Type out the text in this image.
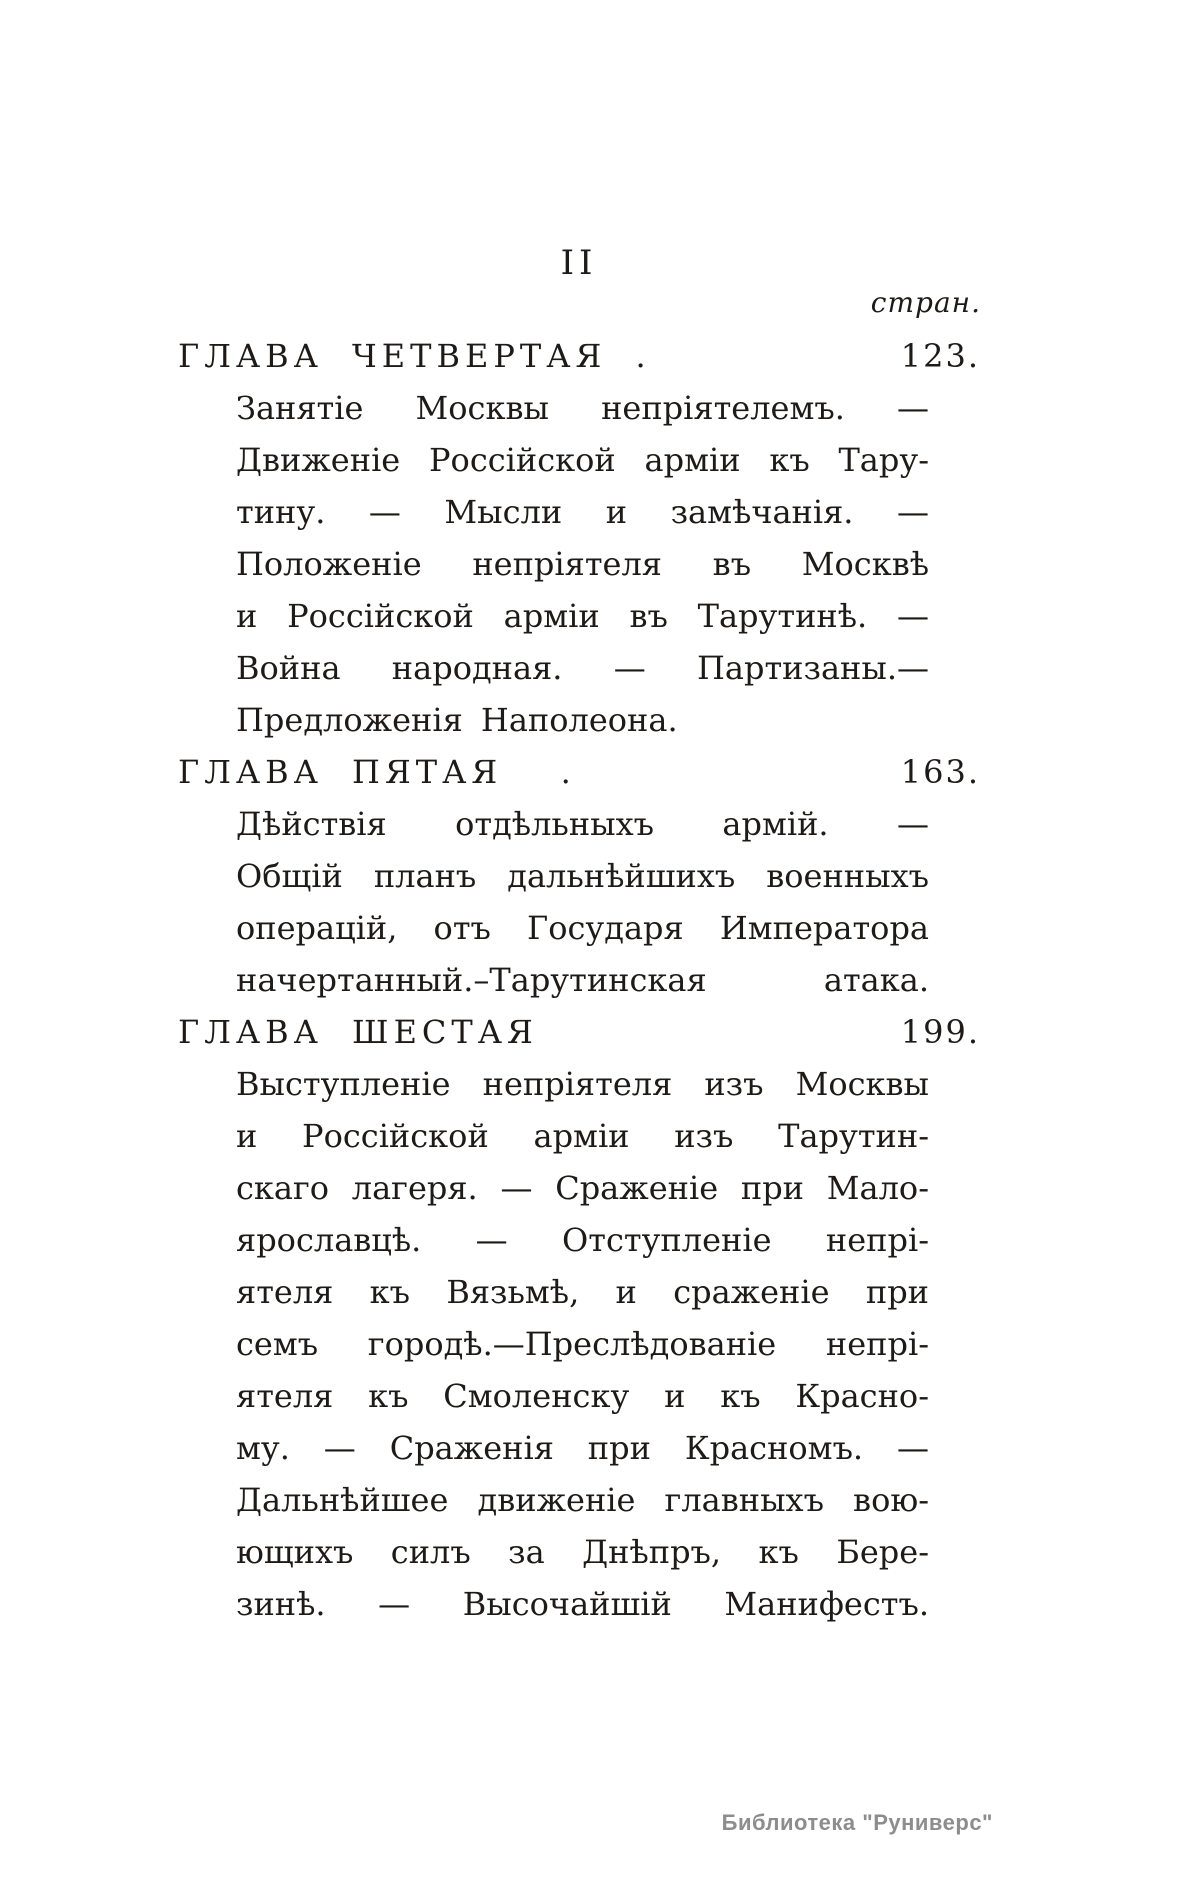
II
стран.
ГЛАВА ЧЕТВЕРТАЯ .	123.
Занятіе Москвы непріятелемъ. —
Движеніе Россійской арміи къ Тару-
тину. — Мысли и замѣчанія. —
Положеніе непріятеля въ Москвѣ
и Россійской арміи въ Тарутинѣ. —
Война народная. — Партизаны.—
Предложенія Наполеона.
ГЛАВА ПЯТАЯ  .	163.
Дѣйствія отдѣльныхъ армій. —
Общій планъ дальнѣйшихъ военныхъ
операцій, отъ Государя Императора
начертанный.–Тарутинская атака.
ГЛАВА ШЕСТАЯ	199.
Выступленіе непріятеля изъ Москвы
и Россійской арміи изъ Тарутин-
скаго лагеря. — Сраженіе при Мало-
ярославцѣ. — Отступленіе непрі-
ятеля къ Вязьмѣ, и сраженіе при
семъ городѣ.—Преслѣдованіе непрі-
ятеля къ Смоленску и къ Красно-
му. — Сраженія при Красномъ. —
Дальнѣйшее движеніе главныхъ вою-
ющихъ силъ за Днѣпръ, къ Бере-
зинѣ. — Высочайшій Манифестъ.
Библиотека "Руниверс"
